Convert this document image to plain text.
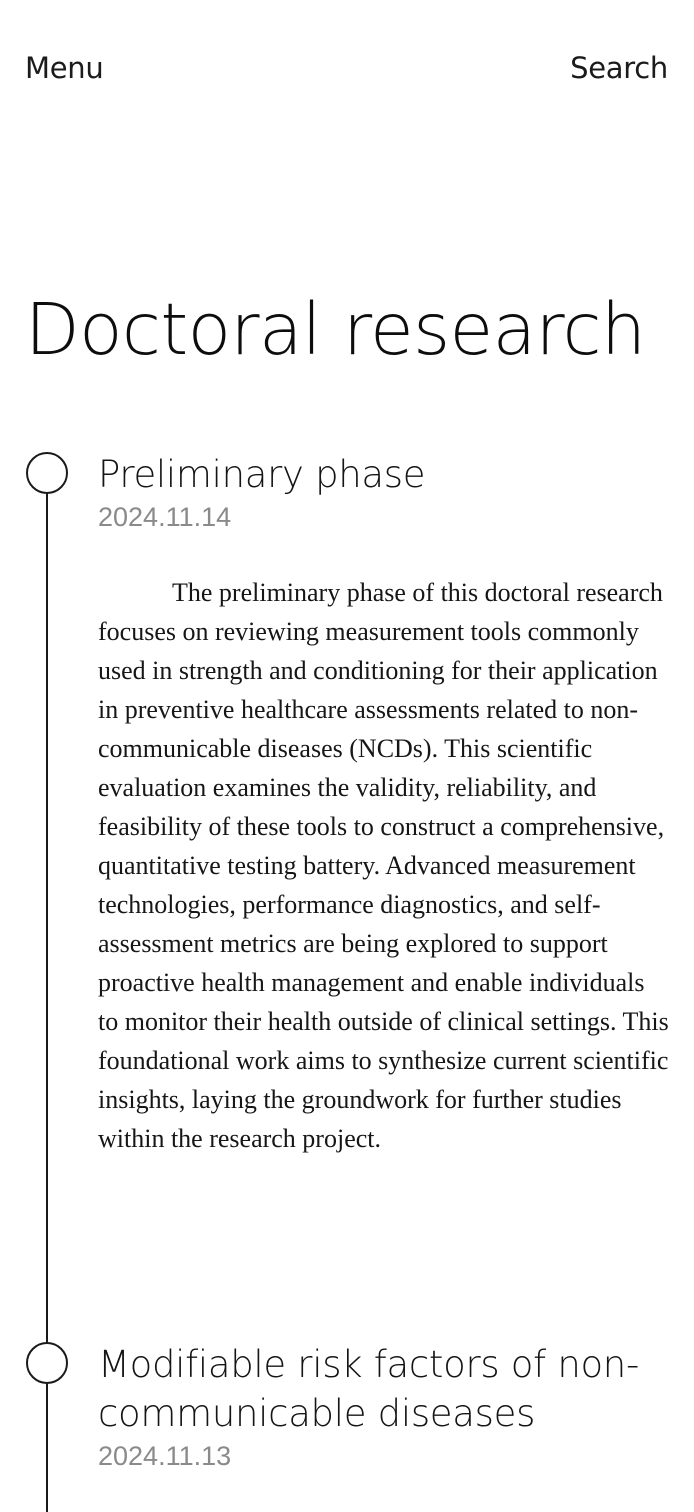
Menu	Search
Doctoral research
Preliminary phase
2024.11.14

The preliminary phase of this doctoral research focuses on reviewing measurement tools commonly used in strength and conditioning for their application in preventive healthcare assessments related to non-communicable diseases (NCDs). This scientific evaluation examines the validity, reliability, and feasibility of these tools to construct a comprehensive, quantitative testing battery. Advanced measurement technologies, performance diagnostics, and self- assessment metrics are being explored to support proactive health management and enable individuals to monitor their health outside of clinical settings. This foundational work aims to synthesize current scientific insights, laying the groundwork for further studies within the research project.

Modifiable risk factors of non-communicable diseases
2024.11.13
